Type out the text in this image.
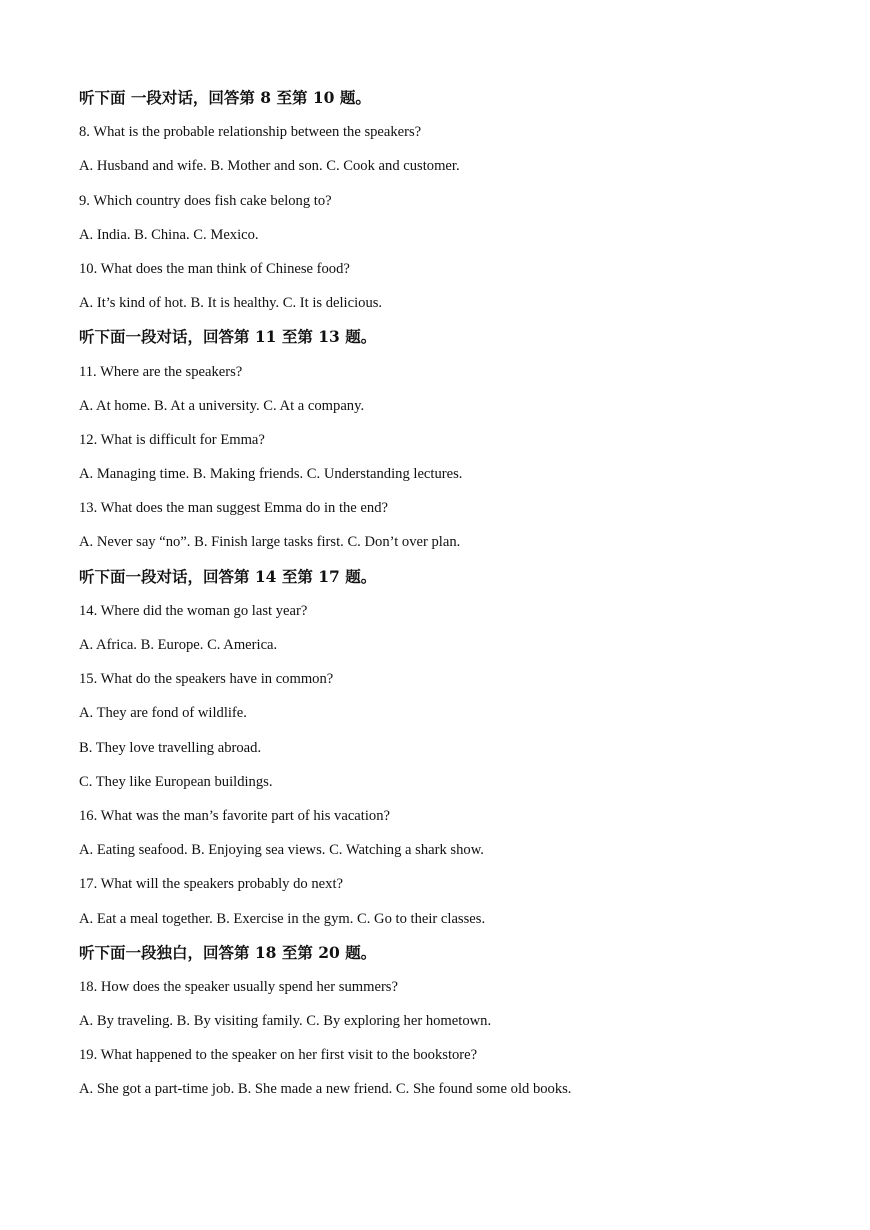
听下面 一段对话，回答第 8 至第 10 题。
8. What is the probable relationship between the speakers?
A. Husband and wife. B. Mother and son. C. Cook and customer.
9. Which country does fish cake belong to?
A. India. B. China. C. Mexico.
10. What does the man think of Chinese food?
A. It’s kind of hot. B. It is healthy. C. It is delicious.
听下面一段对话，回答第 11 至第 13 题。
11. Where are the speakers?
A. At home. B. At a university. C. At a company.
12. What is difficult for Emma?
A. Managing time. B. Making friends. C. Understanding lectures.
13. What does the man suggest Emma do in the end?
A. Never say “no”. B. Finish large tasks first. C. Don’t over plan.
听下面一段对话，回答第 14 至第 17 题。
14. Where did the woman go last year?
A. Africa. B. Europe. C. America.
15. What do the speakers have in common?
A. They are fond of wildlife.
B. They love travelling abroad.
C. They like European buildings.
16. What was the man’s favorite part of his vacation?
A. Eating seafood. B. Enjoying sea views. C. Watching a shark show.
17. What will the speakers probably do next?
A. Eat a meal together. B. Exercise in the gym. C. Go to their classes.
听下面一段独白，回答第 18 至第 20 题。
18. How does the speaker usually spend her summers?
A. By traveling. B. By visiting family. C. By exploring her hometown.
19. What happened to the speaker on her first visit to the bookstore?
A. She got a part-time job. B. She made a new friend. C. She found some old books.
